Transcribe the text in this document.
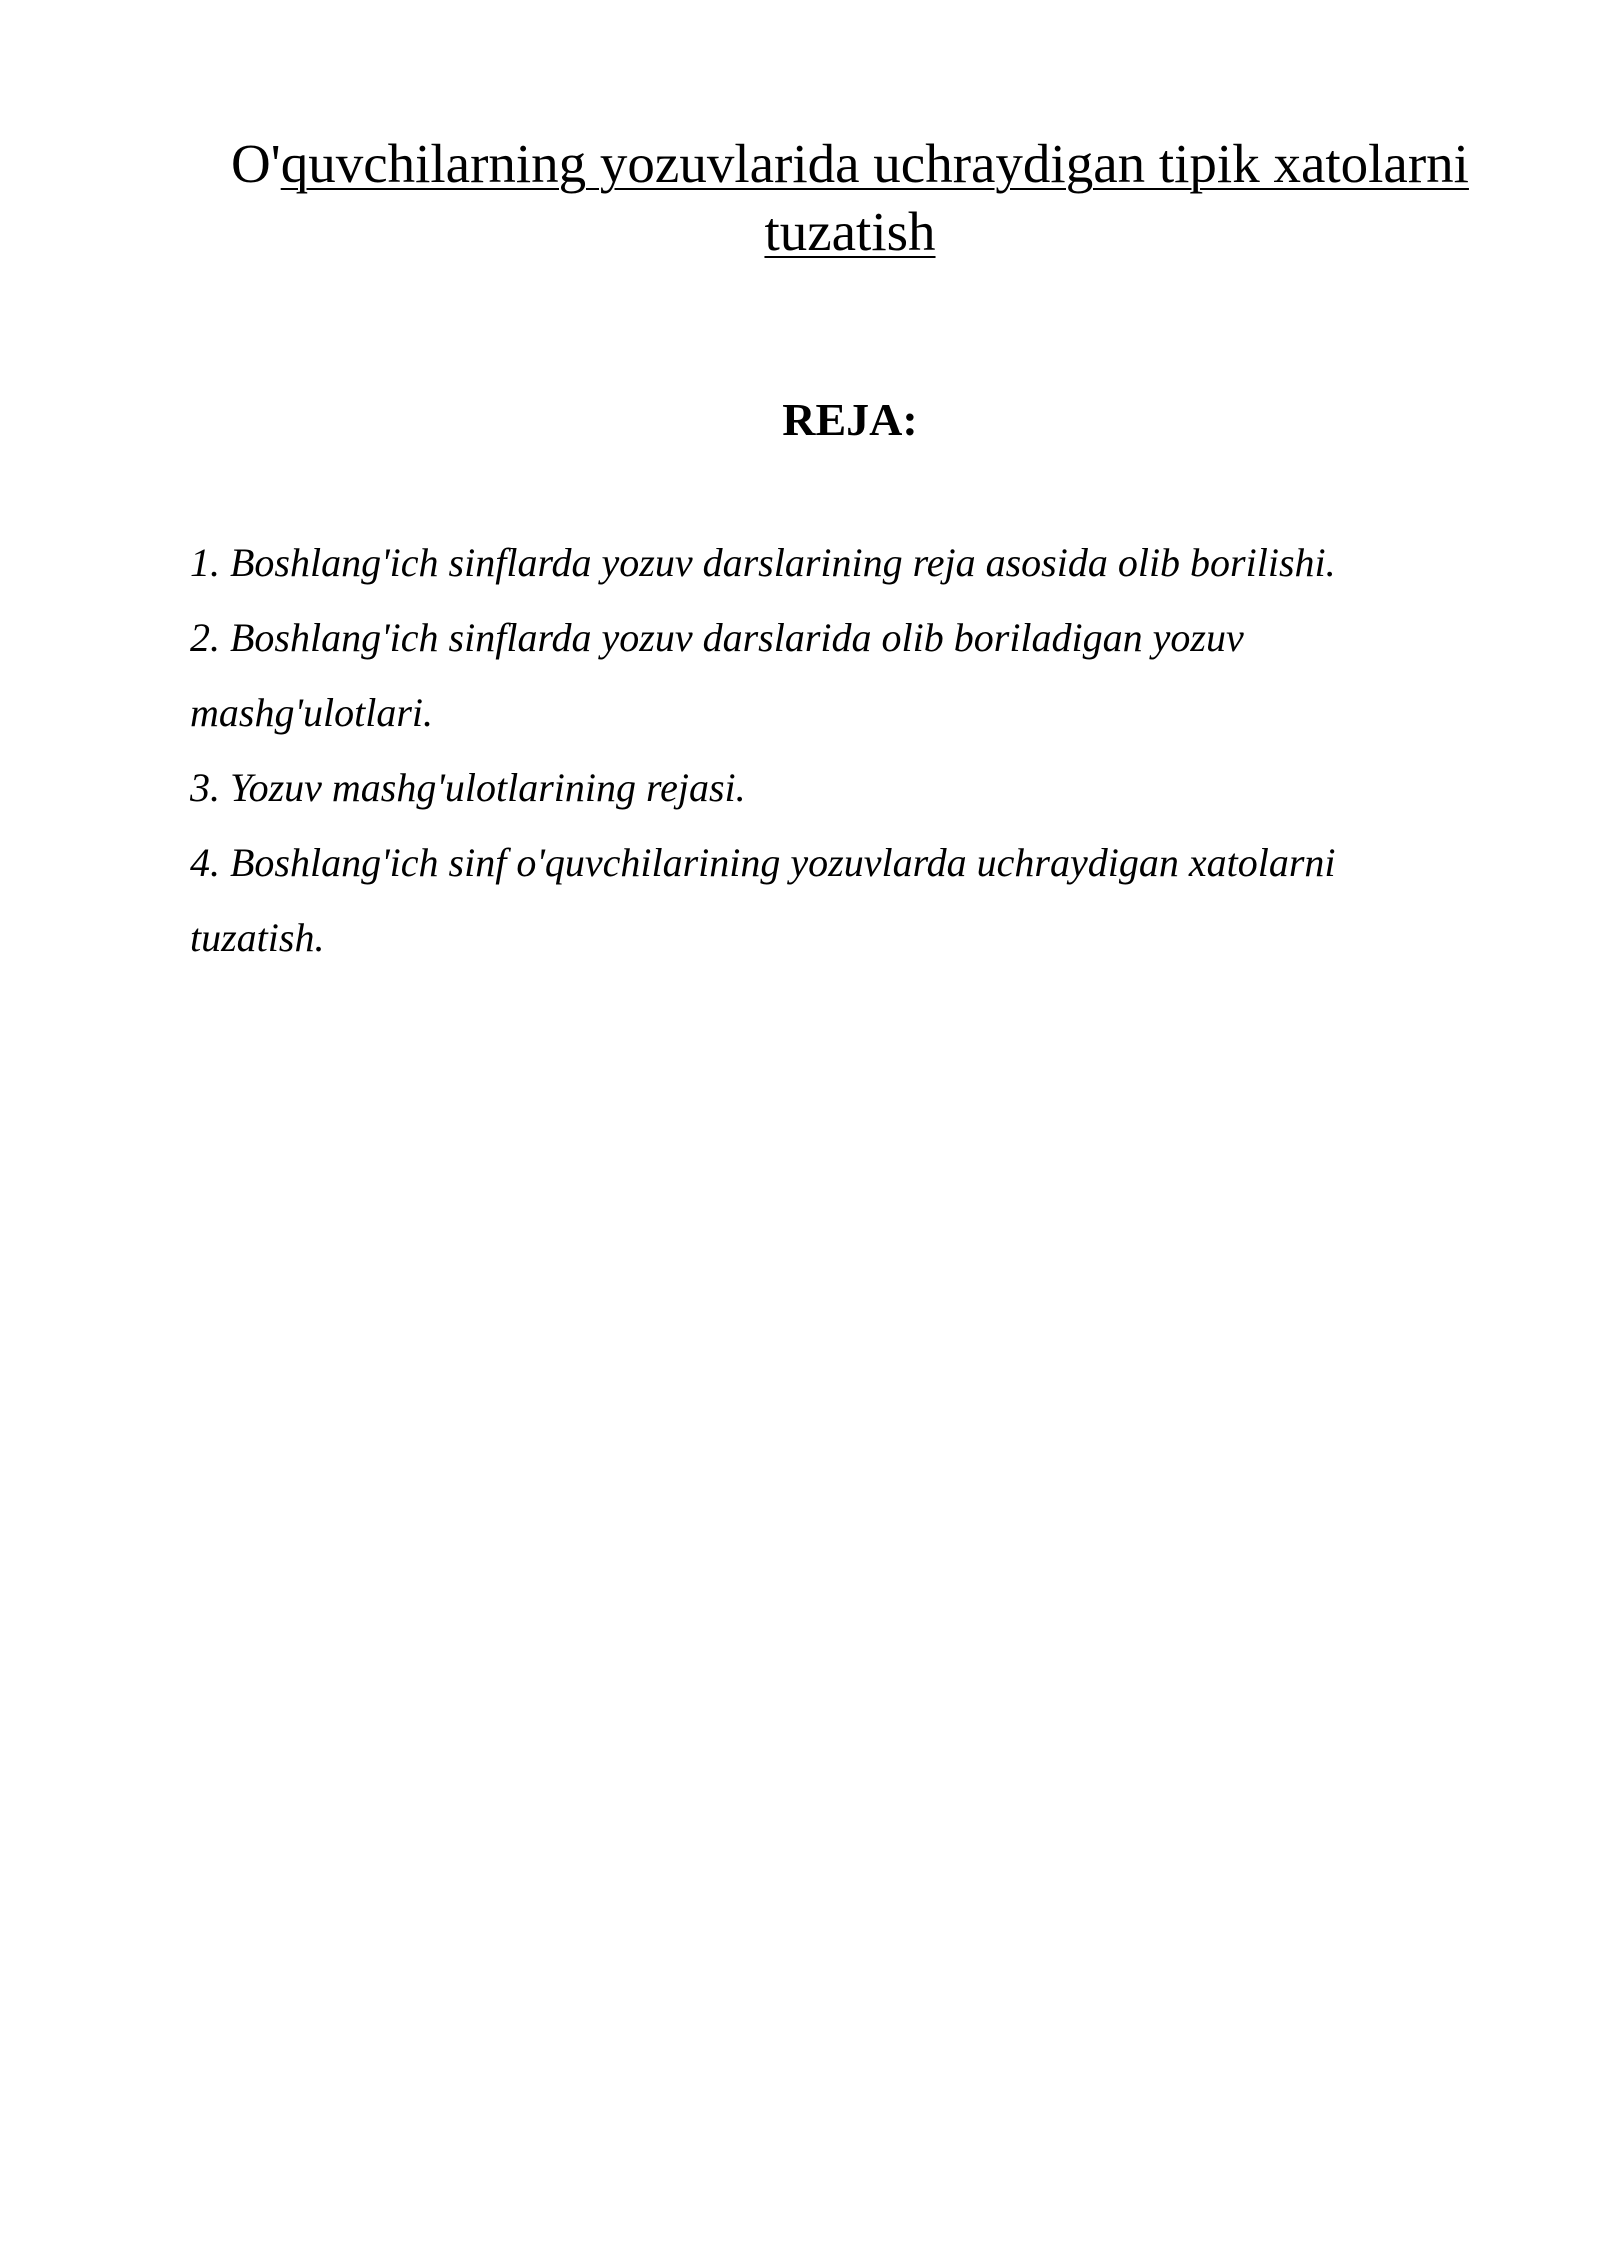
O'quvchilarning yozuvlarida uchraydigan tipik xatolarni tuzatish
REJA:
1. Boshlang'ich sinflarda yozuv darslarining reja asosida olib borilishi.
2. Boshlang'ich sinflarda yozuv darslarida olib boriladigan yozuv mashg'ulotlari.
3. Yozuv mashg'ulotlarining rejasi.
4. Boshlang'ich sinf o'quvchilarining yozuvlarda uchraydigan xatolarni tuzatish.
